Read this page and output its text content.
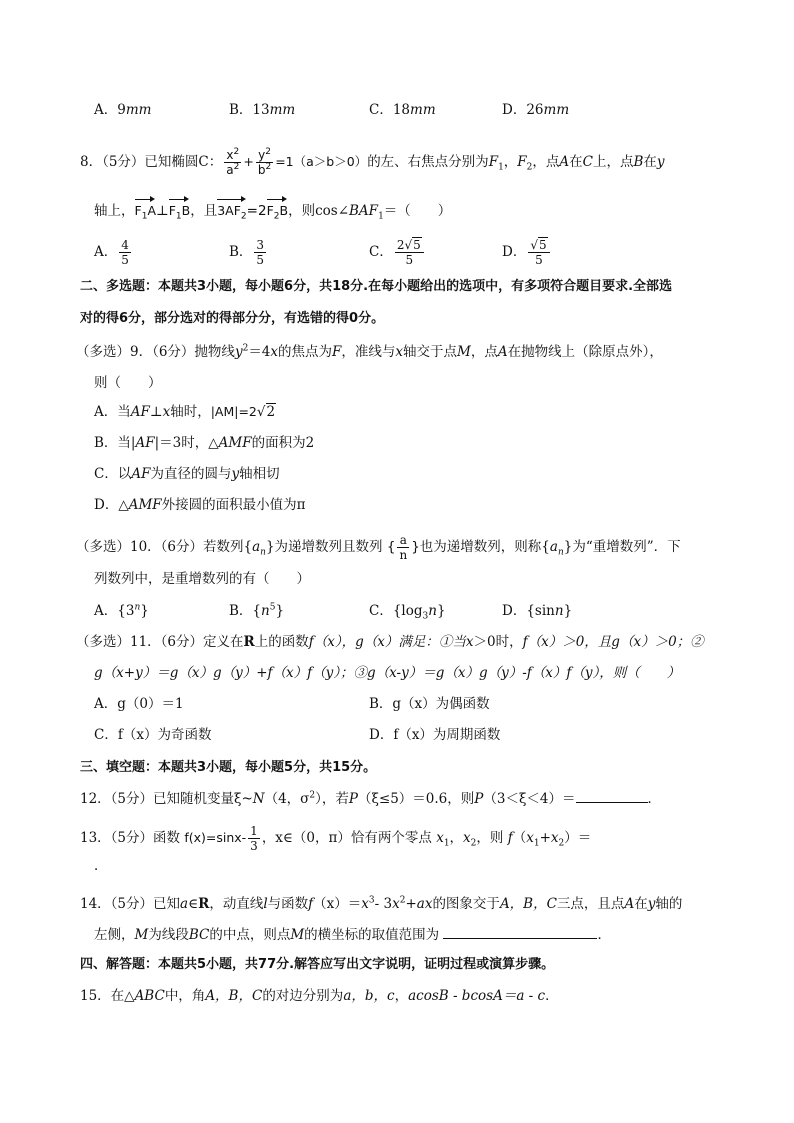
A．9mm	B．13mm	C．18mm	D．26mm
8．（5分）已知椭圆C： $\frac{x^2}{a^2} + \frac{y^2}{b^2} =1(a>b>0)$的左、右焦点分别为$F_1$，$F_2$，点A在C上，点B在y
轴上，$F_1A\perp F_1B$，且$3AF_2=2F_2B$，则$\cos\angle BAF_1=$（　　）
A． $\frac{4}{5}$	B． $\frac{3}{5}$	C． $\frac{2√5}{5}$	D． $\frac{√5}{5}$
二、多选题：本题共3小题，每小题6分，共18分.在每小题给出的选项中，有多项符合题目要求.全部选
对的得6分，部分选对的得部分分，有选错的得0分。
（多选）9．（6分）抛物线$y^2=4x$的焦点为F，准线与x轴交于点M，点A在抛物线上（除原点外），
则（　　）
A．当AF⊥x轴时，|AM|=2√2
B．当|AF|＝3时，△AMF的面积为2
C．以AF为直径的圆与y轴相切
D．△AMF外接圆的面积最小值为π
（多选）10．（6分）若数列$\{a_n\}$为递增数列且数列 { $\frac{a}{n}$ }也为递增数列，则称$\{a_n\}$为“重增数列”．下
列数列中，是重增数列的有（　　）
A．{3$^n$}	B．$\{n^5\}$	C．$\{\log_3n\}$	D．{sinn}
（多选）11．（6分）定义在R上的函数f（x），g（x）满足：①当x＞0时，f（x）＞0，且g（x）＞0；②
g（x+y）＝g（x）g（y）+f（x）f（y）；③g（x-y）＝g（x）g（y）-f（x）f（y），则（　　）
A．g（0）＝1	B．g（x）为偶函数
C．f（x）为奇函数	D．f（x）为周期函数
三、填空题：本题共3小题，每小题5分，共15分。
12．（5分）已知随机变量ξ~N（4，$\sigma^2$），若P（ξ≤5）＝0.6，则P（3＜ξ＜4）＝	．
13．（5分）函数 $f(x)=\sin x- \frac{1}{3}$ ，x∈（0，π）恰有两个零点 $x_1$，$x_2$，则 $f(x_1+x_2)=$
．
14．（5分）已知a∈R，动直线l与函数$f(x)=x^3-$ $3x^2+ax$的图象交于A，B，C三点，且点A在y轴的
左侧，M为线段BC的中点，则点M的横坐标的取值范围为	．
四、解答题：本题共5小题，共77分.解答应写出文字说明，证明过程或演算步骤。
15．在△ABC中，角A，B，C的对边分别为a，b，c，acosB - bcosA＝a - c．
